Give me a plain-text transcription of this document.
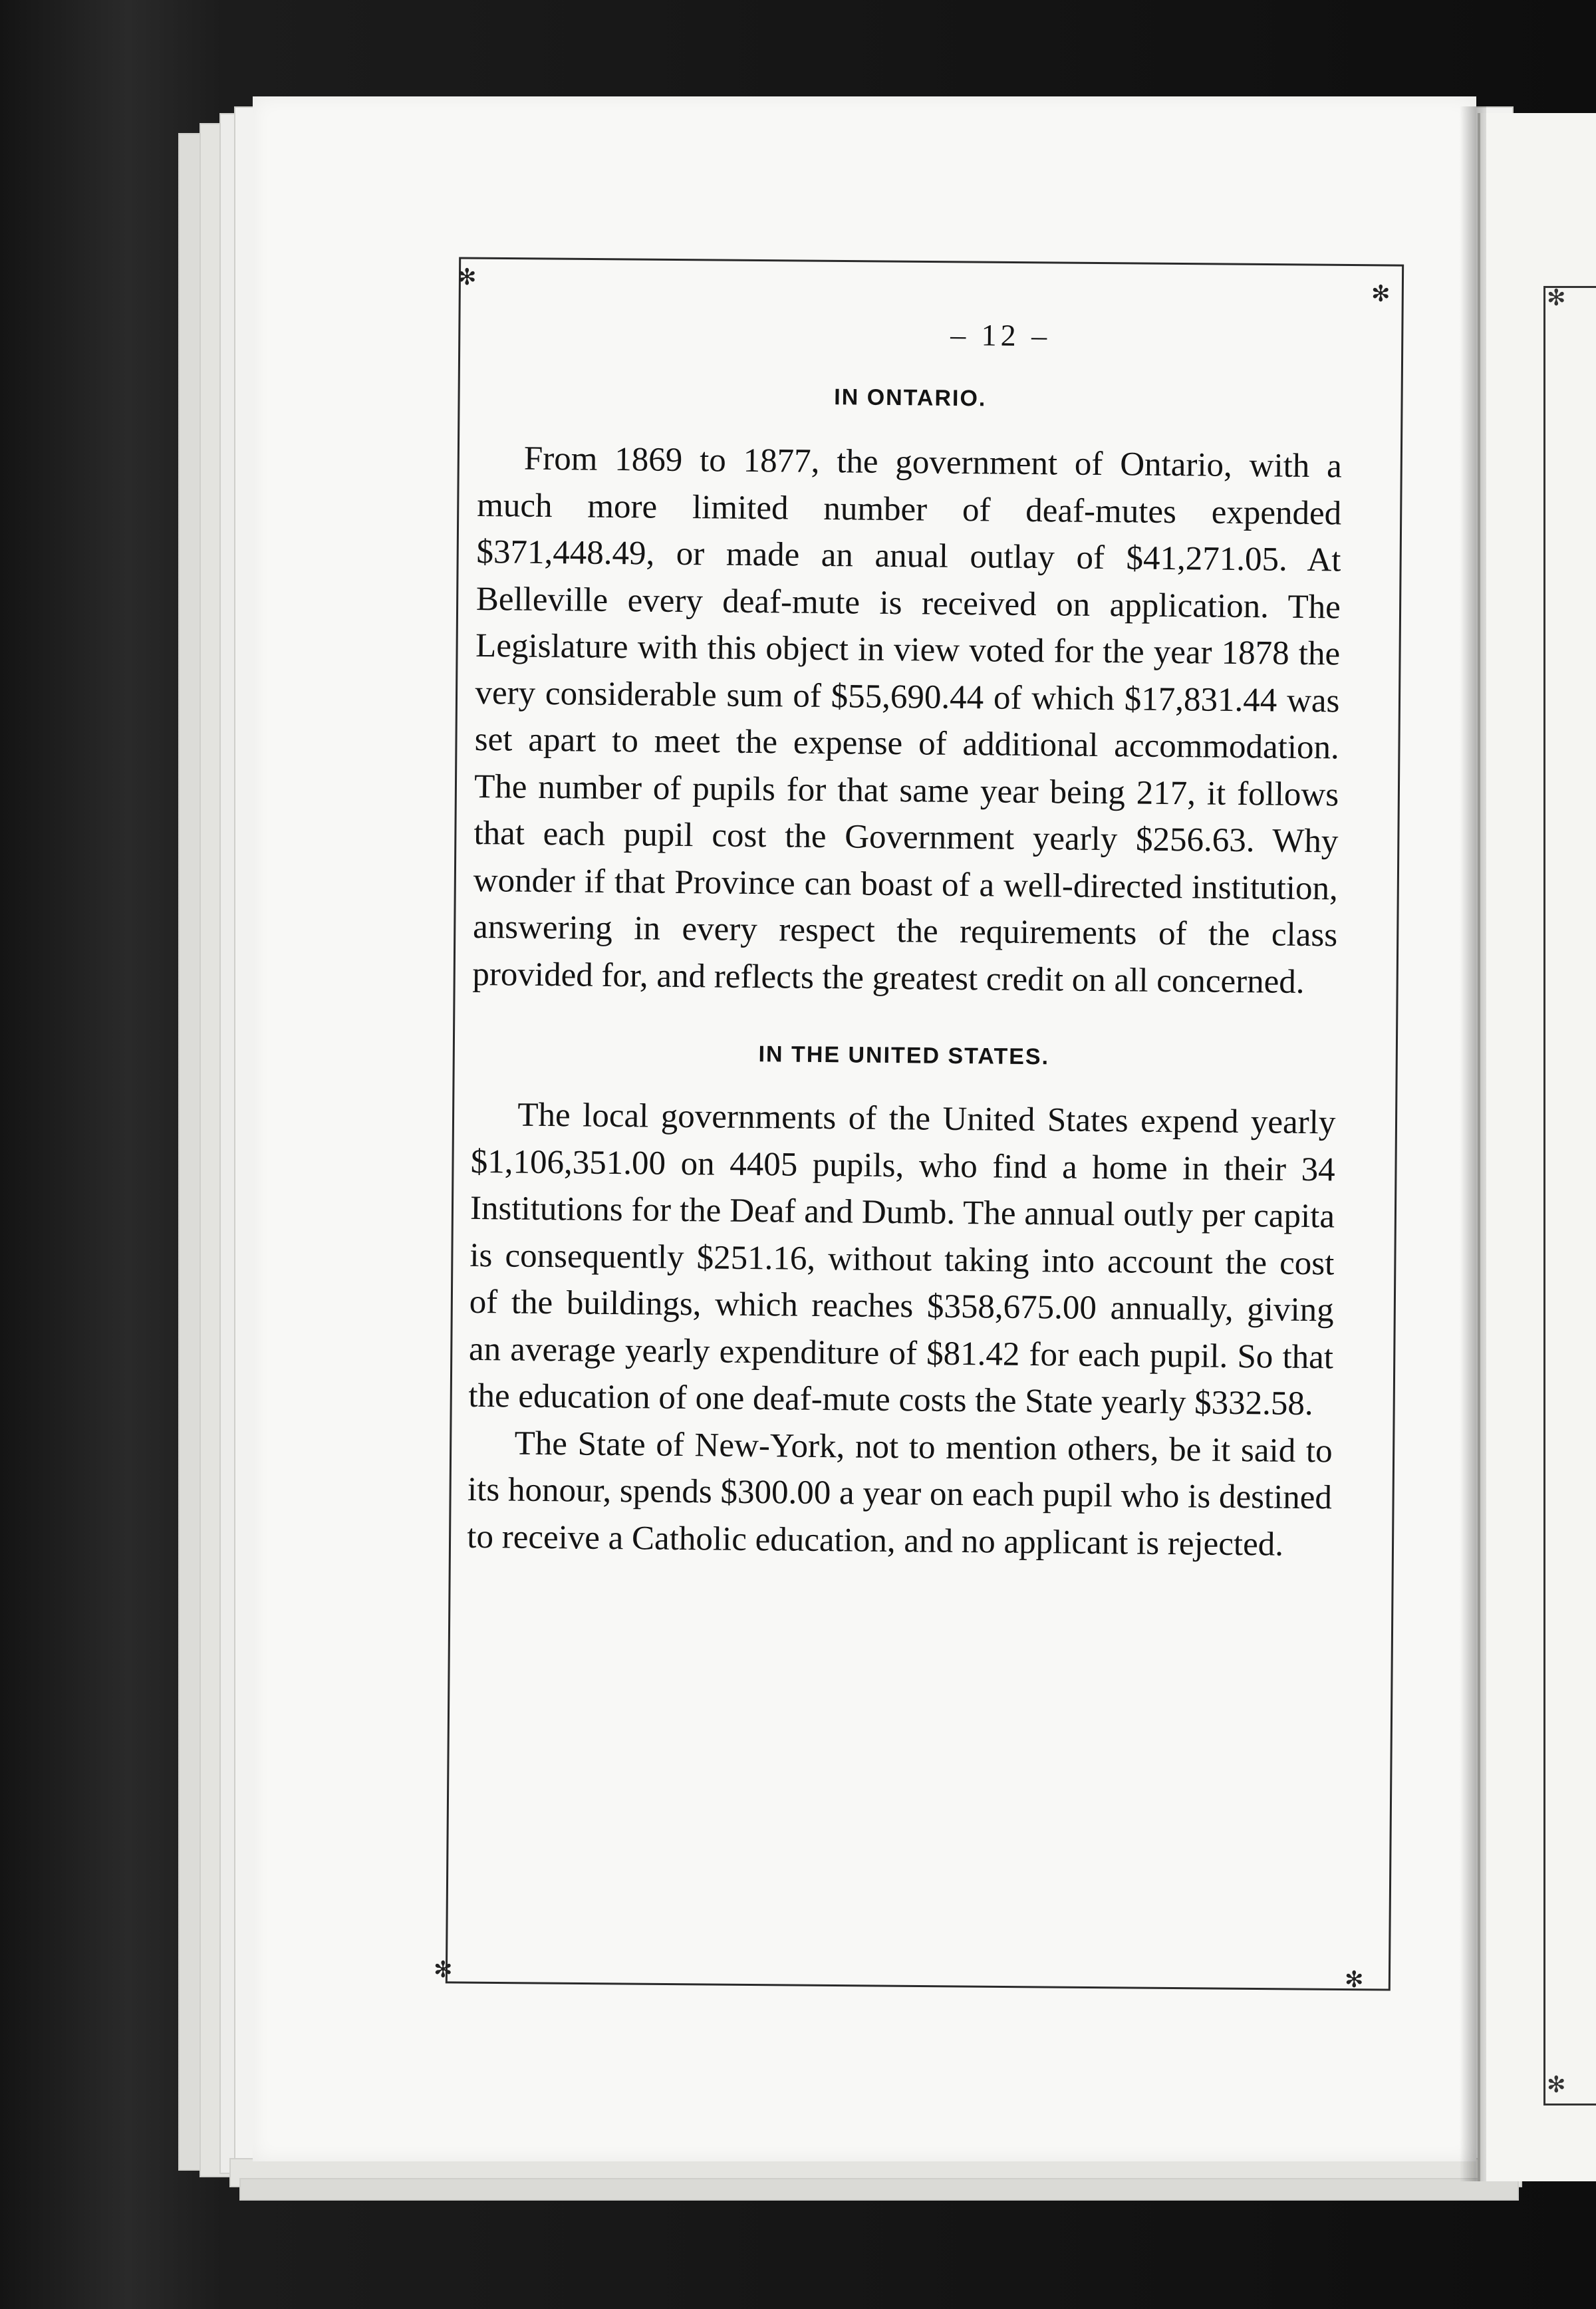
✻
✻
✻
✻
✻	✻
– 12 –
IN ONTARIO.

From 1869 to 1877, the government of Ontario, with a much more limited number of deaf-mutes expended $371,448.49, or made an anual outlay of $41,271.05. At Belleville every deaf-mute is received on application. The Legislature with this object in view voted for the year 1878 the very considerable sum of $55,690.44 of which $17,831.44 was set apart to meet the expense of additional accommodation. The number of pupils for that same year being 217, it follows that each pupil cost the Government yearly $256.63. Why wonder if that Province can boast of a well-directed institution, answering in every respect the requirements of the class provided for, and reflects the greatest credit on all concerned.

IN THE UNITED STATES.

The local governments of the United States expend yearly $1,106,351.00 on 4405 pupils, who find a home in their 34 Institutions for the Deaf and Dumb. The annual outly per capita is consequently $251.16, without taking into account the cost of the buildings, which reaches $358,675.00 annually, giving an average yearly expenditure of $81.42 for each pupil. So that the education of one deaf-mute costs the State yearly $332.58.

The State of New-York, not to mention others, be it said to its honour, spends $300.00 a year on each pupil who is destined to receive a Catholic education, and no applicant is rejected.
